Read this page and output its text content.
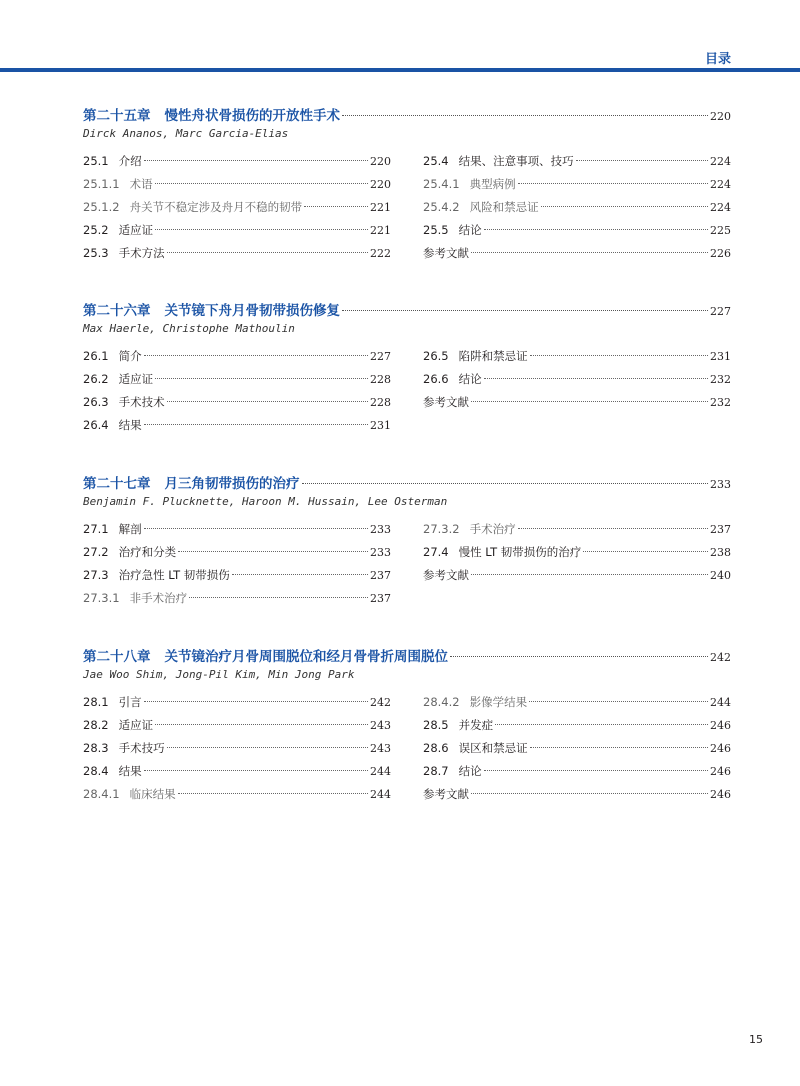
目录
第二十五章 慢性舟状骨损伤的开放性手术	220
Dirck Ananos, Marc Garcia-Elias
25.1 介绍	220
25.1.1 术语	220
25.1.2 舟关节不稳定涉及舟月不稳的韧带	221
25.2 适应证	221
25.3 手术方法	222
25.4 结果、注意事项、技巧	224
25.4.1 典型病例	224
25.4.2 风险和禁忌证	224
25.5 结论	225
参考文献	226
第二十六章 关节镜下舟月骨韧带损伤修复	227
Max Haerle, Christophe Mathoulin
26.1 简介	227
26.2 适应证	228
26.3 手术技术	228
26.4 结果	231
26.5 陷阱和禁忌证	231
26.6 结论	232
参考文献	232
第二十七章 月三角韧带损伤的治疗	233
Benjamin F. Plucknette, Haroon M. Hussain, Lee Osterman
27.1 解剖	233
27.2 治疗和分类	233
27.3 治疗急性 LT 韧带损伤	237
27.3.1 非手术治疗	237
27.3.2 手术治疗	237
27.4 慢性 LT 韧带损伤的治疗	238
参考文献	240
第二十八章 关节镜治疗月骨周围脱位和经月骨骨折周围脱位	242
Jae Woo Shim, Jong-Pil Kim, Min Jong Park
28.1 引言	242
28.2 适应证	243
28.3 手术技巧	243
28.4 结果	244
28.4.1 临床结果	244
28.4.2 影像学结果	244
28.5 并发症	246
28.6 误区和禁忌证	246
28.7 结论	246
参考文献	246
15
